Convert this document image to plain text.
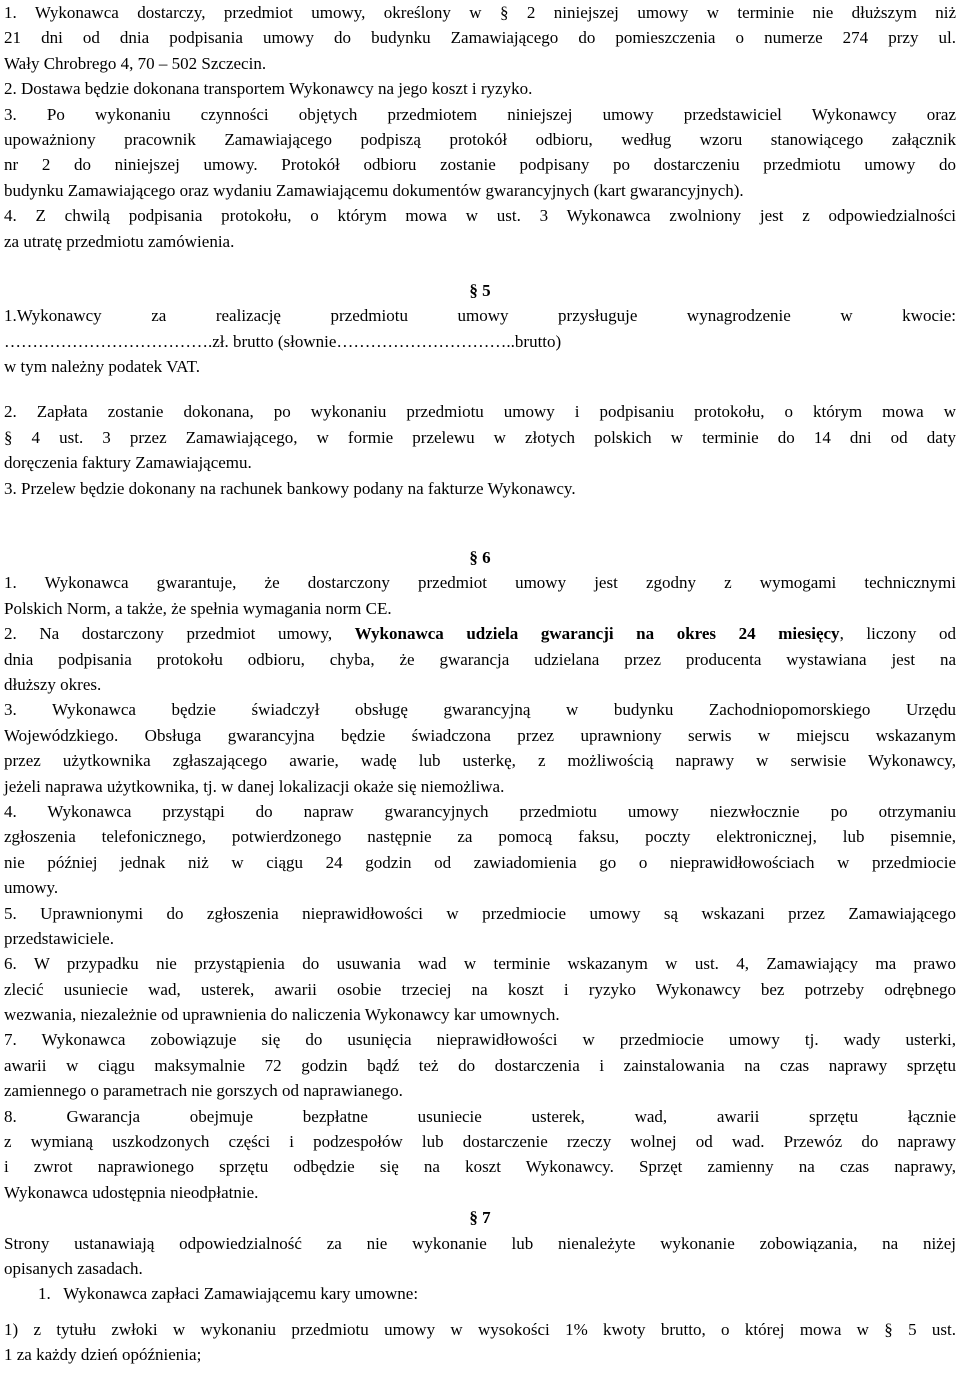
1. Wykonawca dostarczy, przedmiot umowy, określony w § 2 niniejszej umowy w terminie nie dłuższym niż
21 dni od dnia podpisania umowy do budynku Zamawiającego do pomieszczenia o numerze 274 przy ul.
Wały Chrobrego 4, 70 – 502 Szczecin.
2. Dostawa będzie dokonana transportem Wykonawcy na jego koszt i ryzyko.
3. Po wykonaniu czynności objętych przedmiotem niniejszej umowy przedstawiciel Wykonawcy oraz
upoważniony pracownik Zamawiającego podpiszą protokół odbioru, według wzoru stanowiącego załącznik
nr 2 do niniejszej umowy. Protokół odbioru zostanie podpisany po dostarczeniu przedmiotu umowy do
budynku Zamawiającego oraz wydaniu Zamawiającemu dokumentów gwarancyjnych (kart gwarancyjnych).
4. Z chwilą podpisania protokołu, o którym mowa w ust. 3 Wykonawca zwolniony jest z odpowiedzialności
za utratę przedmiotu zamówienia.
§ 5
1.Wykonawcy za realizację przedmiotu umowy przysługuje wynagrodzenie w kwocie:
……………………………….zł. brutto (słownie…………………………..brutto)
w tym należny podatek VAT.
2. Zapłata zostanie dokonana, po wykonaniu przedmiotu umowy i podpisaniu protokołu, o którym mowa w
§ 4 ust. 3 przez Zamawiającego, w formie przelewu w złotych polskich w terminie do 14 dni od daty
doręczenia faktury Zamawiającemu.
3. Przelew będzie dokonany na rachunek bankowy podany na fakturze Wykonawcy.
§ 6
1. Wykonawca gwarantuje, że dostarczony przedmiot umowy jest zgodny z wymogami technicznymi
Polskich Norm, a także, że spełnia wymagania norm CE.
2. Na dostarczony przedmiot umowy, Wykonawca udziela gwarancji na okres 24 miesięcy, liczony od
dnia podpisania protokołu odbioru, chyba, że gwarancja udzielana przez producenta wystawiana jest na
dłuższy okres.
3. Wykonawca będzie świadczył obsługę gwarancyjną w budynku Zachodniopomorskiego Urzędu
Wojewódzkiego. Obsługa gwarancyjna będzie świadczona przez uprawniony serwis w miejscu wskazanym
przez użytkownika zgłaszającego awarie, wadę lub usterkę, z możliwością naprawy w serwisie Wykonawcy,
jeżeli naprawa użytkownika, tj. w danej lokalizacji okaże się niemożliwa.
4. Wykonawca przystąpi do napraw gwarancyjnych przedmiotu umowy niezwłocznie po otrzymaniu
zgłoszenia telefonicznego, potwierdzonego następnie za pomocą faksu, poczty elektronicznej, lub pisemnie,
nie później jednak niż w ciągu 24 godzin od zawiadomienia go o nieprawidłowościach w przedmiocie
umowy.
5. Uprawnionymi do zgłoszenia nieprawidłowości w przedmiocie umowy są wskazani przez Zamawiającego
przedstawiciele.
6. W przypadku nie przystąpienia do usuwania wad w terminie wskazanym w ust. 4, Zamawiający ma prawo
zlecić usuniecie wad, usterek, awarii osobie trzeciej na koszt i ryzyko Wykonawcy bez potrzeby odrębnego
wezwania, niezależnie od uprawnienia do naliczenia Wykonawcy kar umownych.
7. Wykonawca zobowiązuje się do usunięcia nieprawidłowości w przedmiocie umowy tj. wady usterki,
awarii w ciągu maksymalnie 72 godzin bądź też do dostarczenia i zainstalowania na czas naprawy sprzętu
zamiennego o parametrach nie gorszych od naprawianego.
8. Gwarancja obejmuje bezpłatne usuniecie usterek, wad, awarii sprzętu łącznie
z wymianą uszkodzonych części i podzespołów lub dostarczenie rzeczy wolnej od wad. Przewóz do naprawy
i zwrot naprawionego sprzętu odbędzie się na koszt Wykonawcy. Sprzęt zamienny na czas naprawy,
Wykonawca udostępnia nieodpłatnie.
§ 7
Strony ustanawiają odpowiedzialność za nie wykonanie lub nienależyte wykonanie zobowiązania, na niżej
opisanych zasadach.
1.   Wykonawca zapłaci Zamawiającemu kary umowne:
1) z tytułu zwłoki w wykonaniu przedmiotu umowy w wysokości 1% kwoty brutto, o której mowa w § 5 ust.
1 za każdy dzień opóźnienia;
